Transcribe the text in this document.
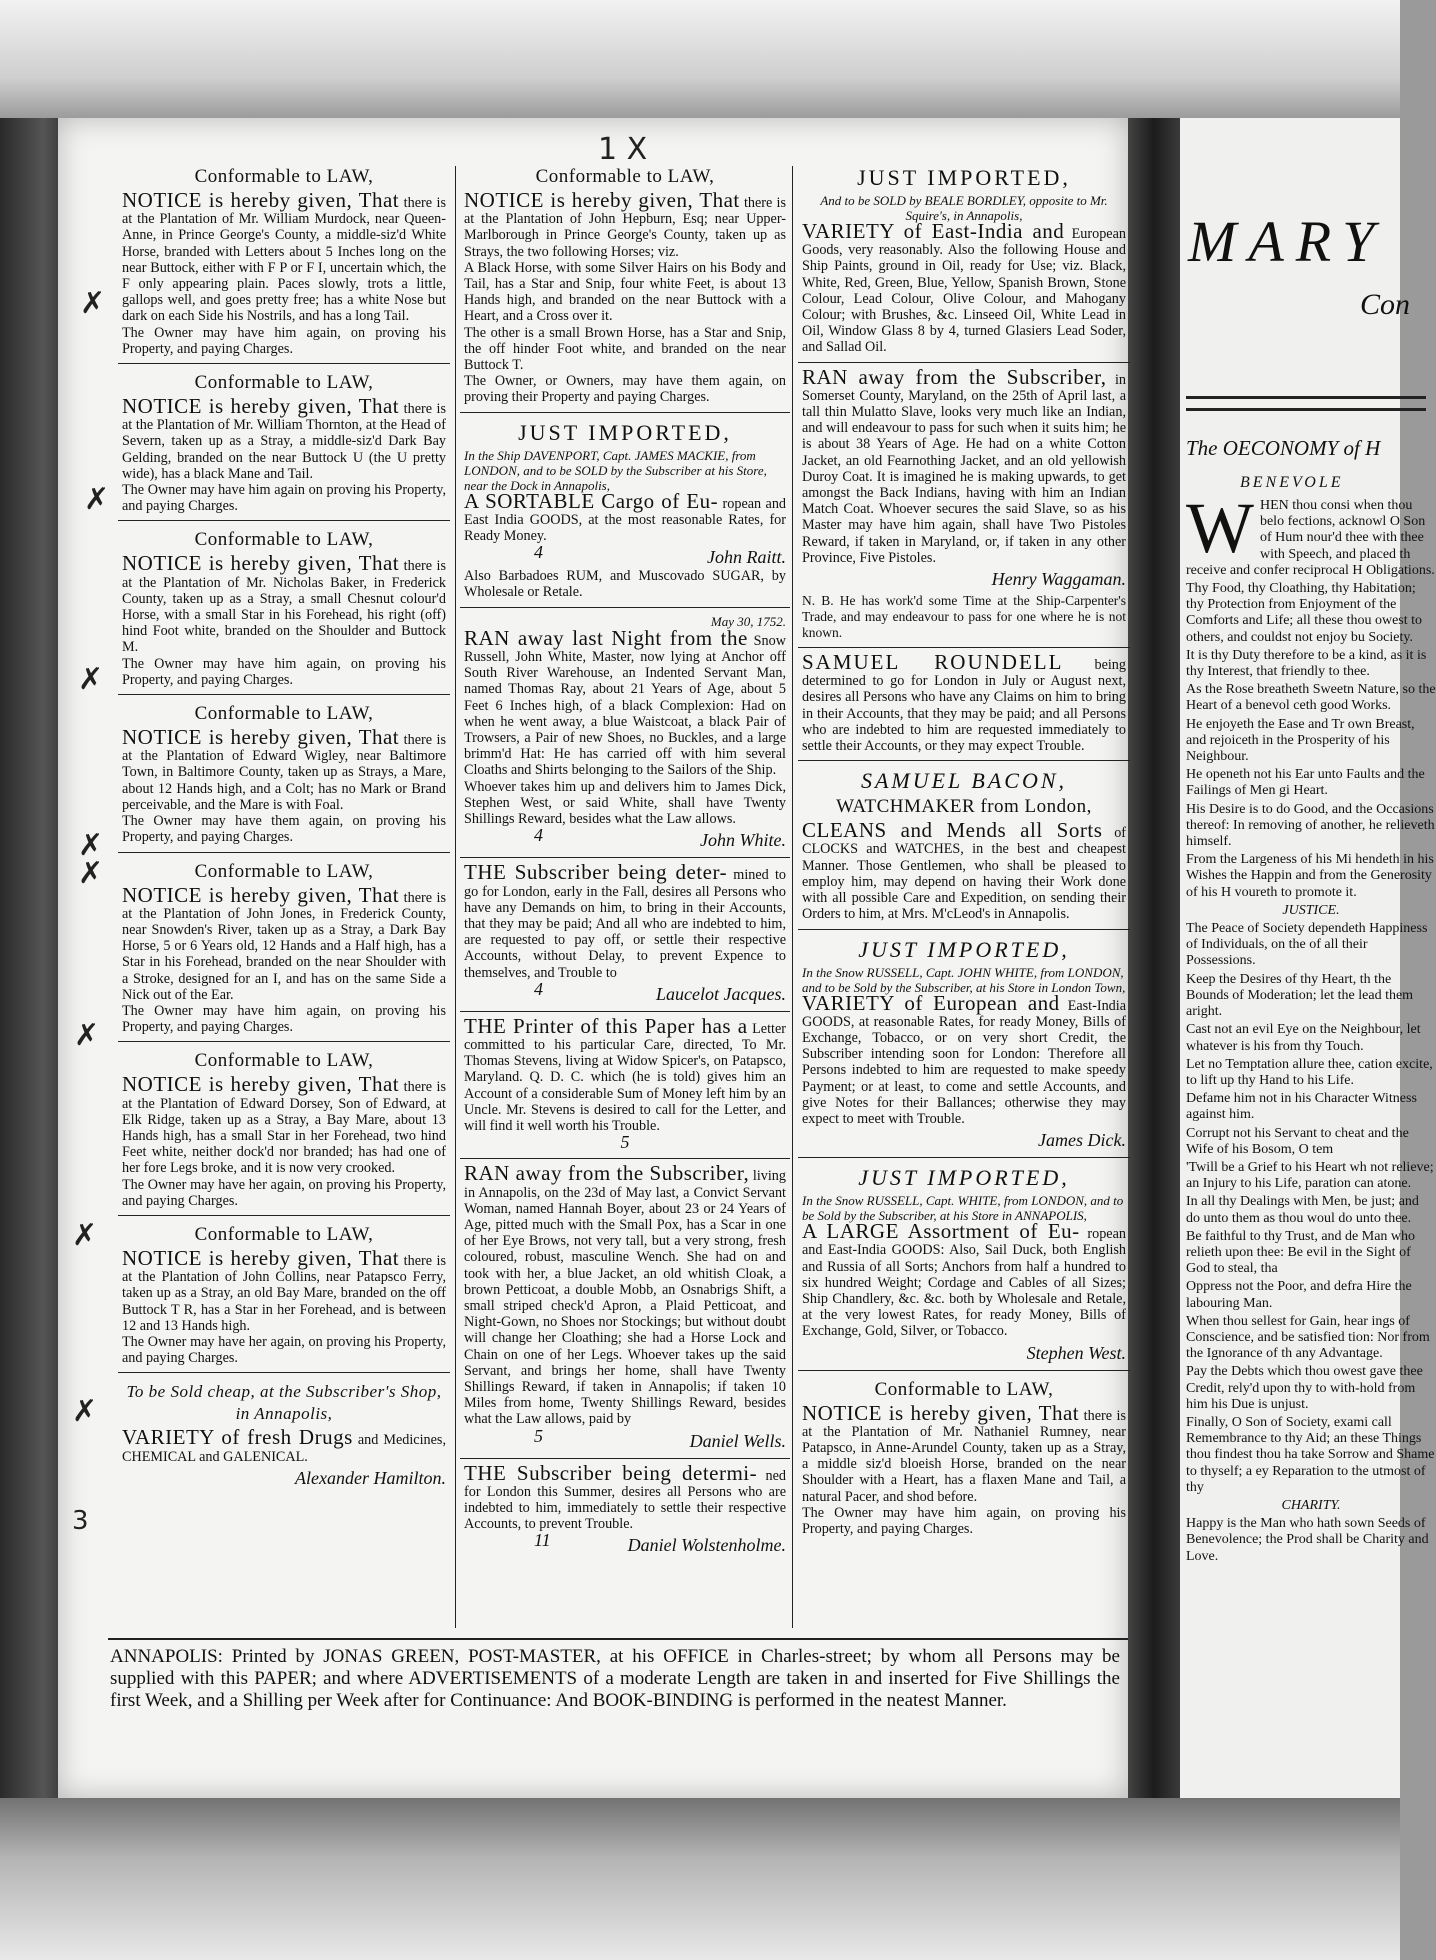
MARY
Con
The OECONOMY of H
BENEVOLE
W HEN thou consi when thou belo fections, acknowl O Son of Hum nour'd thee with thee with Speech, and placed th receive and confer reciprocal H Obligations.

Thy Food, thy Cloathing, thy Habitation; thy Protection from Enjoyment of the Comforts and Life; all these thou owest to others, and couldst not enjoy bu Society.

It is thy Duty therefore to be a kind, as it is thy Interest, that friendly to thee.

As the Rose breatheth Sweetn Nature, so the Heart of a benevol ceth good Works.

He enjoyeth the Ease and Tr own Breast, and rejoiceth in the Prosperity of his Neighbour.

He openeth not his Ear unto Faults and the Failings of Men gi Heart.

His Desire is to do Good, and the Occasions thereof: In removing of another, he relieveth himself.

From the Largeness of his Mi hendeth in his Wishes the Happin and from the Generosity of his H voureth to promote it.

JUSTICE.

The Peace of Society dependeth Happiness of Individuals, on the of all their Possessions.

Keep the Desires of thy Heart, th the Bounds of Moderation; let the lead them aright.

Cast not an evil Eye on the Neighbour, let whatever is his from thy Touch.

Let no Temptation allure thee, cation excite, to lift up thy Hand to his Life.

Defame him not in his Character Witness against him.

Corrupt not his Servant to cheat and the Wife of his Bosom, O tem

'Twill be a Grief to his Heart wh not relieve; an Injury to his Life, paration can atone.

In all thy Dealings with Men, be just; and do unto them as thou woul do unto thee.

Be faithful to thy Trust, and de Man who relieth upon thee: Be evil in the Sight of God to steal, tha

Oppress not the Poor, and defra Hire the labouring Man.

When thou sellest for Gain, hear ings of Conscience, and be satisfied tion: Nor from the Ignorance of th any Advantage.

Pay the Debts which thou owest gave thee Credit, rely'd upon thy to with-hold from him his Due is unjust.

Finally, O Son of Society, exami call Remembrance to thy Aid; an these Things thou findest thou ha take Sorrow and Shame to thyself; a ey Reparation to the utmost of thy

CHARITY.

Happy is the Man who hath sown Seeds of Benevolence; the Prod shall be Charity and Love.

1 X
Conformable to LAW,
NOTICE is hereby given, That there is at the Plantation of Mr. William Murdock, near Queen-Anne, in Prince George's County, a middle-siz'd White Horse, branded with Letters about 5 Inches long on the near Buttock, either with F P or F I, uncertain which, the F only appearing plain. Paces slowly, trots a little, gallops well, and goes pretty free; has a white Nose but dark on each Side his Nostrils, and has a long Tail.
The Owner may have him again, on proving his Property, and paying Charges.
Conformable to LAW,
NOTICE is hereby given, That there is at the Plantation of Mr. William Thornton, at the Head of Severn, taken up as a Stray, a middle-siz'd Dark Bay Gelding, branded on the near Buttock U (the U pretty wide), has a black Mane and Tail.
The Owner may have him again on proving his Property, and paying Charges.
Conformable to LAW,
NOTICE is hereby given, That there is at the Plantation of Mr. Nicholas Baker, in Frederick County, taken up as a Stray, a small Chesnut colour'd Horse, with a small Star in his Forehead, his right (off) hind Foot white, branded on the Shoulder and Buttock M.
The Owner may have him again, on proving his Property, and paying Charges.
Conformable to LAW,
NOTICE is hereby given, That there is at the Plantation of Edward Wigley, near Baltimore Town, in Baltimore County, taken up as Strays, a Mare, about 12 Hands high, and a Colt; has no Mark or Brand perceivable, and the Mare is with Foal.
The Owner may have them again, on proving his Property, and paying Charges.
Conformable to LAW,
NOTICE is hereby given, That there is at the Plantation of John Jones, in Frederick County, near Snowden's River, taken up as a Stray, a Dark Bay Horse, 5 or 6 Years old, 12 Hands and a Half high, has a Star in his Forehead, branded on the near Shoulder with a Stroke, designed for an I, and has on the same Side a Nick out of the Ear.
The Owner may have him again, on proving his Property, and paying Charges.
Conformable to LAW,
NOTICE is hereby given, That there is at the Plantation of Edward Dorsey, Son of Edward, at Elk Ridge, taken up as a Stray, a Bay Mare, about 13 Hands high, has a small Star in her Forehead, two hind Feet white, neither dock'd nor branded; has had one of her fore Legs broke, and it is now very crooked.
The Owner may have her again, on proving his Property, and paying Charges.
Conformable to LAW,
NOTICE is hereby given, That there is at the Plantation of John Collins, near Patapsco Ferry, taken up as a Stray, an old Bay Mare, branded on the off Buttock T R, has a Star in her Forehead, and is between 12 and 13 Hands high.
The Owner may have her again, on proving his Property, and paying Charges.
To be Sold cheap, at the Subscriber's Shop, in Annapolis,
VARIETY of fresh Drugs and Medicines, CHEMICAL and GALENICAL.
Alexander Hamilton.
Conformable to LAW,
NOTICE is hereby given, That there is at the Plantation of John Hepburn, Esq; near Upper-Marlborough in Prince George's County, taken up as Strays, the two following Horses; viz.
A Black Horse, with some Silver Hairs on his Body and Tail, has a Star and Snip, four white Feet, is about 13 Hands high, and branded on the near Buttock with a Heart, and a Cross over it.
The other is a small Brown Horse, has a Star and Snip, the off hinder Foot white, and branded on the near Buttock T.
The Owner, or Owners, may have them again, on proving their Property and paying Charges.
JUST IMPORTED,
In the Ship DAVENPORT, Capt. JAMES MACKIE, from LONDON, and to be SOLD by the Subscriber at his Store, near the Dock in Annapolis,
A SORTABLE Cargo of Eu- ropean and East India GOODS, at the most reasonable Rates, for Ready Money.
4	John Raitt.
Also Barbadoes RUM, and Muscovado SUGAR, by Wholesale or Retale.
May 30, 1752.
RAN away last Night from the Snow Russell, John White, Master, now lying at Anchor off South River Warehouse, an Indented Servant Man, named Thomas Ray, about 21 Years of Age, about 5 Feet 6 Inches high, of a black Complexion: Had on when he went away, a blue Waistcoat, a black Pair of Trowsers, a Pair of new Shoes, no Buckles, and a large brimm'd Hat: He has carried off with him several Cloaths and Shirts belonging to the Sailors of the Ship.
Whoever takes him up and delivers him to James Dick, Stephen West, or said White, shall have Twenty Shillings Reward, besides what the Law allows.
4	John White.
THE Subscriber being deter- mined to go for London, early in the Fall, desires all Persons who have any Demands on him, to bring in their Accounts, that they may be paid; And all who are indebted to him, are requested to pay off, or settle their respective Accounts, without Delay, to prevent Expence to themselves, and Trouble to
4	Laucelot Jacques.
THE Printer of this Paper has a Letter committed to his particular Care, directed, To Mr. Thomas Stevens, living at Widow Spicer's, on Patapsco, Maryland. Q. D. C. which (he is told) gives him an Account of a considerable Sum of Money left him by an Uncle. Mr. Stevens is desired to call for the Letter, and will find it well worth his Trouble.
5
RAN away from the Subscriber, living in Annapolis, on the 23d of May last, a Convict Servant Woman, named Hannah Boyer, about 23 or 24 Years of Age, pitted much with the Small Pox, has a Scar in one of her Eye Brows, not very tall, but a very strong, fresh coloured, robust, masculine Wench. She had on and took with her, a blue Jacket, an old whitish Cloak, a brown Petticoat, a double Mobb, an Osnabrigs Shift, a small striped check'd Apron, a Plaid Petticoat, and Night-Gown, no Shoes nor Stockings; but without doubt will change her Cloathing; she had a Horse Lock and Chain on one of her Legs. Whoever takes up the said Servant, and brings her home, shall have Twenty Shillings Reward, if taken in Annapolis; if taken 10 Miles from home, Twenty Shillings Reward, besides what the Law allows, paid by
5	Daniel Wells.
THE Subscriber being determi- ned for London this Summer, desires all Persons who are indebted to him, immediately to settle their respective Accounts, to prevent Trouble.
11	Daniel Wolstenholme.
JUST IMPORTED,
And to be SOLD by BEALE BORDLEY, opposite to Mr. Squire's, in Annapolis,
VARIETY of East-India and European Goods, very reasonably. Also the following House and Ship Paints, ground in Oil, ready for Use; viz. Black, White, Red, Green, Blue, Yellow, Spanish Brown, Stone Colour, Lead Colour, Olive Colour, and Mahogany Colour; with Brushes, &c. Linseed Oil, White Lead in Oil, Window Glass 8 by 4, turned Glasiers Lead Soder, and Sallad Oil.
RAN away from the Subscriber, in Somerset County, Maryland, on the 25th of April last, a tall thin Mulatto Slave, looks very much like an Indian, and will endeavour to pass for such when it suits him; he is about 38 Years of Age. He had on a white Cotton Jacket, an old Fearnothing Jacket, and an old yellowish Duroy Coat. It is imagined he is making upwards, to get amongst the Back Indians, having with him an Indian Match Coat. Whoever secures the said Slave, so as his Master may have him again, shall have Two Pistoles Reward, if taken in Maryland, or, if taken in any other Province, Five Pistoles.
Henry Waggaman.
N. B. He has work'd some Time at the Ship-Carpenter's Trade, and may endeavour to pass for one where he is not known.
SAMUEL ROUNDELL being determined to go for London in July or August next, desires all Persons who have any Claims on him to bring in their Accounts, that they may be paid; and all Persons who are indebted to him are requested immediately to settle their Accounts, or they may expect Trouble.
SAMUEL BACON,
WATCHMAKER from London,
CLEANS and Mends all Sorts of CLOCKS and WATCHES, in the best and cheapest Manner. Those Gentlemen, who shall be pleased to employ him, may depend on having their Work done with all possible Care and Expedition, on sending their Orders to him, at Mrs. M'cLeod's in Annapolis.
JUST IMPORTED,
In the Snow RUSSELL, Capt. JOHN WHITE, from LONDON, and to be Sold by the Subscriber, at his Store in London Town,
VARIETY of European and East-India GOODS, at reasonable Rates, for ready Money, Bills of Exchange, Tobacco, or on very short Credit, the Subscriber intending soon for London: Therefore all Persons indebted to him are requested to make speedy Payment; or at least, to come and settle Accounts, and give Notes for their Ballances; otherwise they may expect to meet with Trouble.
James Dick.
JUST IMPORTED,
In the Snow RUSSELL, Capt. WHITE, from LONDON, and to be Sold by the Subscriber, at his Store in ANNAPOLIS,
A LARGE Assortment of Eu- ropean and East-India GOODS: Also, Sail Duck, both English and Russia of all Sorts; Anchors from half a hundred to six hundred Weight; Cordage and Cables of all Sizes; Ship Chandlery, &c. &c. both by Wholesale and Retale, at the very lowest Rates, for ready Money, Bills of Exchange, Gold, Silver, or Tobacco.
Stephen West.
Conformable to LAW,
NOTICE is hereby given, That there is at the Plantation of Mr. Nathaniel Rumney, near Patapsco, in Anne-Arundel County, taken up as a Stray, a middle siz'd bloeish Horse, branded on the near Shoulder with a Heart, has a flaxen Mane and Tail, a natural Pacer, and shod before.
The Owner may have him again, on proving his Property, and paying Charges.
ANNAPOLIS: Printed by JONAS GREEN, POST-MASTER, at his OFFICE in Charles-street; by whom all Persons may be supplied with this PAPER; and where ADVERTISEMENTS of a moderate Length are taken in and inserted for Five Shillings the first Week, and a Shilling per Week after for Continuance: And BOOK-BINDING is performed in the neatest Manner.
3
✗
✗
✗
✗
✗
✗
✗
✗
